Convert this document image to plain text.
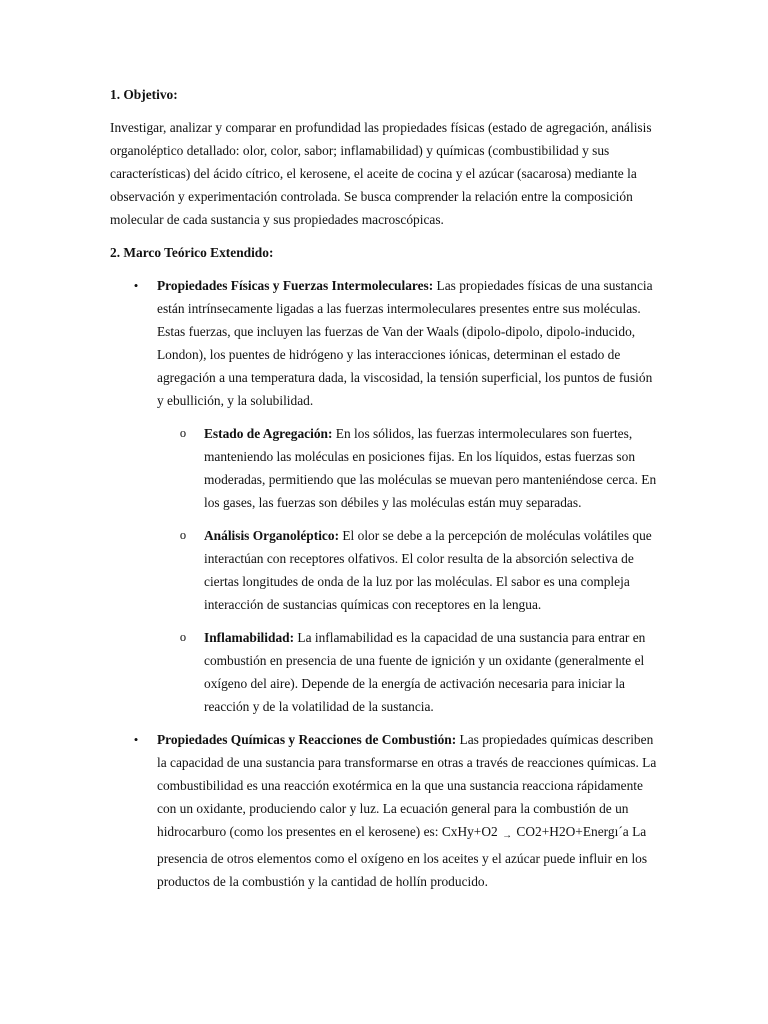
1. Objetivo:

Investigar, analizar y comparar en profundidad las propiedades físicas (estado de agregación, análisis organoléptico detallado: olor, color, sabor; inflamabilidad) y químicas (combustibilidad y sus características) del ácido cítrico, el kerosene, el aceite de cocina y el azúcar (sacarosa) mediante la observación y experimentación controlada. Se busca comprender la relación entre la composición molecular de cada sustancia y sus propiedades macroscópicas.

2. Marco Teórico Extendido:

• Propiedades Físicas y Fuerzas Intermoleculares: Las propiedades físicas de una sustancia están intrínsecamente ligadas a las fuerzas intermoleculares presentes entre sus moléculas. Estas fuerzas, que incluyen las fuerzas de Van der Waals (dipolo-dipolo, dipolo-inducido, London), los puentes de hidrógeno y las interacciones iónicas, determinan el estado de agregación a una temperatura dada, la viscosidad, la tensión superficial, los puntos de fusión y ebullición, y la solubilidad.
o Estado de Agregación: En los sólidos, las fuerzas intermoleculares son fuertes, manteniendo las moléculas en posiciones fijas. En los líquidos, estas fuerzas son moderadas, permitiendo que las moléculas se muevan pero manteniéndose cerca. En los gases, las fuerzas son débiles y las moléculas están muy separadas.
o Análisis Organoléptico: El olor se debe a la percepción de moléculas volátiles que interactúan con receptores olfativos. El color resulta de la absorción selectiva de ciertas longitudes de onda de la luz por las moléculas. El sabor es una compleja interacción de sustancias químicas con receptores en la lengua.
o Inflamabilidad: La inflamabilidad es la capacidad de una sustancia para entrar en combustión en presencia de una fuente de ignición y un oxidante (generalmente el oxígeno del aire). Depende de la energía de activación necesaria para iniciar la reacción y de la volatilidad de la sustancia.
• Propiedades Químicas y Reacciones de Combustión: Las propiedades químicas describen la capacidad de una sustancia para transformarse en otras a través de reacciones químicas. La combustibilidad es una reacción exotérmica en la que una sustancia reacciona rápidamente con un oxidante, produciendo calor y luz. La ecuación general para la combustión de un hidrocarburo (como los presentes en el kerosene) es: CxHy+O2 → CO2+H2O+Energı´a La presencia de otros elementos como el oxígeno en los aceites y el azúcar puede influir en los productos de la combustión y la cantidad de hollín producido.
